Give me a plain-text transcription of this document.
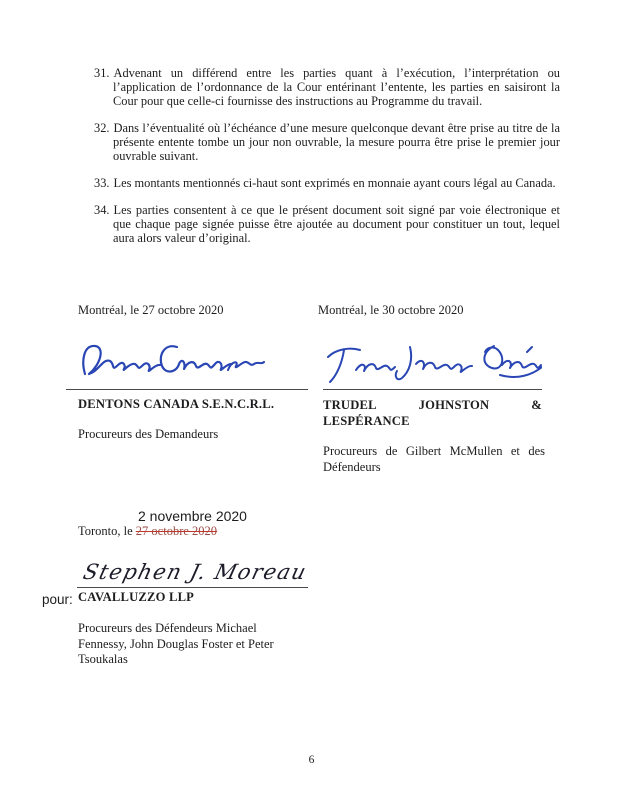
31. Advenant un différend entre les parties quant à l’exécution, l’interprétation ou l’application de l’ordonnance de la Cour entérinant l’entente, les parties en saisiront la Cour pour que celle-ci fournisse des instructions au Programme du travail.
32. Dans l’éventualité où l’échéance d’une mesure quelconque devant être prise au titre de la présente entente tombe un jour non ouvrable, la mesure pourra être prise le premier jour ouvrable suivant.
33. Les montants mentionnés ci-haut sont exprimés en monnaie ayant cours légal au Canada.
34. Les parties consentent à ce que le présent document soit signé par voie électronique et que chaque page signée puisse être ajoutée au document pour constituer un tout, lequel aura alors valeur d’original.
Montréal, le 27 octobre 2020
DENTONS CANADA S.E.N.C.R.L.
Procureurs des Demandeurs
Montréal, le 30 octobre 2020
TRUDEL	JOHNSTON	&
LESPÉRANCE
Procureurs de Gilbert McMullen et des Défendeurs
2 novembre 2020
Toronto, le 27 octobre 2020
Stephen J. Moreau
pour: CAVALLUZZO LLP
Procureurs des Défendeurs Michael Fennessy, John Douglas Foster et Peter Tsoukalas
6
